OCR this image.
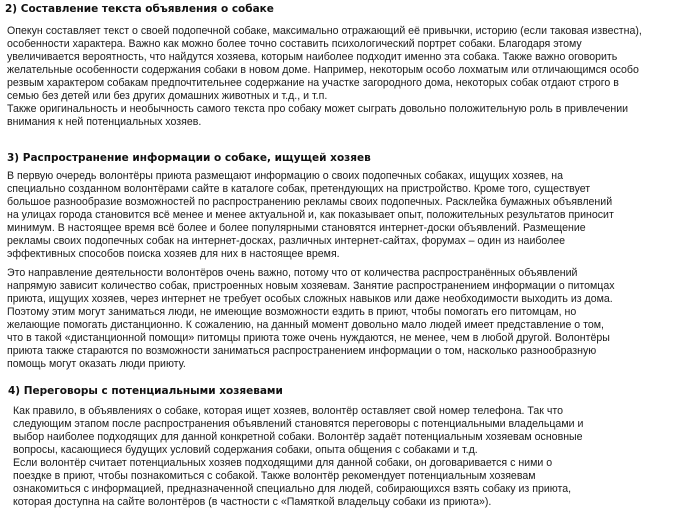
2) Составление текста объявления о собаке

Опекун составляет текст о своей подопечной собаке, максимально отражающий её привычки, историю (если таковая известна),
особенности характера. Важно как можно более точно составить психологический портрет собаки. Благодаря этому
увеличивается вероятность, что найдутся хозяева, которым наиболее подходит именно эта собака. Также важно оговорить
желательные особенности содержания собаки в новом доме. Например, некоторым особо лохматым или отличающимся особо
резвым характером собакам предпочтительнее содержание на участке загородного дома, некоторых собак отдают строго в
семью без детей или без других домашних животных и т.д., и т.п.
Также оригинальность и необычность самого текста про собаку может сыграть довольно положительную роль в привлечении
внимания к ней потенциальных хозяев.

3) Распространение информации о собаке, ищущей хозяев

В первую очередь волонтёры приюта размещают информацию о своих подопечных собаках, ищущих хозяев, на
специально созданном волонтёрами сайте в каталоге собак, претендующих на пристройство. Кроме того, существует
большое разнообразие возможностей по распространению рекламы своих подопечных. Расклейка бумажных объявлений
на улицах города становится всё менее и менее актуальной и, как показывает опыт, положительных результатов приносит
минимум. В настоящее время всё более и более популярными становятся интернет-доски объявлений. Размещение
рекламы своих подопечных собак на интернет-досках, различных интернет-сайтах, форумах – один из наиболее
эффективных способов поиска хозяев для них в настоящее время.

Это направление деятельности волонтёров очень важно, потому что от количества распространённых объявлений
напрямую зависит количество собак, пристроенных новым хозяевам. Занятие распространением информации о питомцах
приюта, ищущих хозяев, через интернет не требует особых сложных навыков или даже необходимости выходить из дома.
Поэтому этим могут заниматься люди, не имеющие возможности ездить в приют, чтобы помогать его питомцам, но
желающие помогать дистанционно. К сожалению, на данный момент довольно мало людей имеет представление о том,
что в такой «дистанционной помощи» питомцы приюта тоже очень нуждаются, не менее, чем в любой другой. Волонтёры
приюта также стараются по возможности заниматься распространением информации о том, насколько разнообразную
помощь могут оказать люди приюту.

4) Переговоры с потенциальными хозяевами

Как правило, в объявлениях о собаке, которая ищет хозяев, волонтёр оставляет свой номер телефона. Так что
следующим этапом после распространения объявлений становятся переговоры с потенциальными владельцами и
выбор наиболее подходящих для данной конкретной собаки. Волонтёр задаёт потенциальным хозяевам основные
вопросы, касающиеся будущих условий содержания собаки, опыта общения с собаками и т.д.
Если волонтёр считает потенциальных хозяев подходящими для данной собаки, он договаривается с ними о
поездке в приют, чтобы познакомиться с собакой. Также волонтёр рекомендует потенциальным хозяевам
ознакомиться с информацией, предназначенной специально для людей, собирающихся взять собаку из приюта,
которая доступна на сайте волонтёров (в частности с «Памяткой владельцу собаки из приюта»).
